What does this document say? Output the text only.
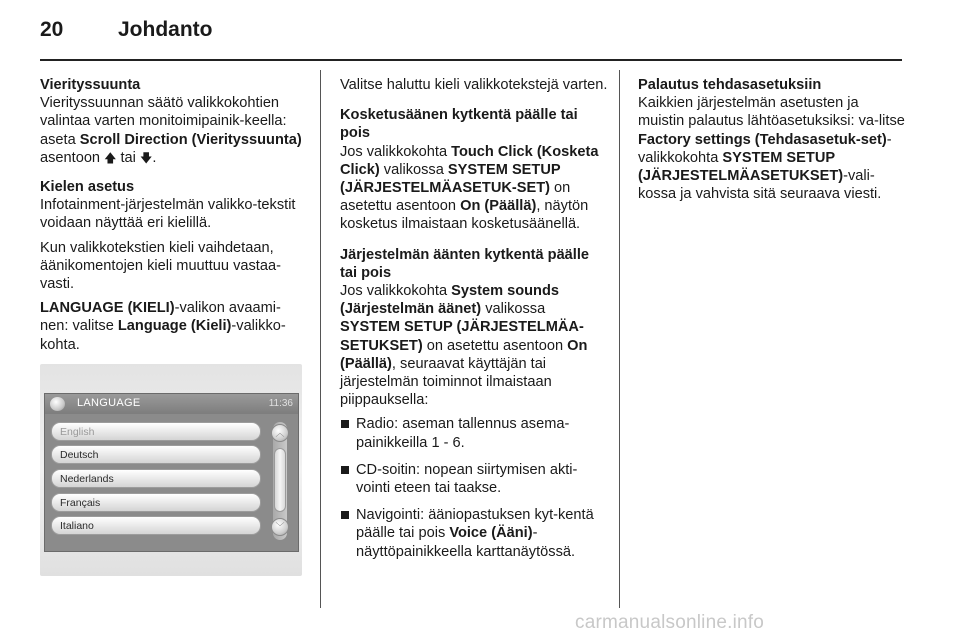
20	Johdanto

Vierityssuunta
Vierityssuunnan säätö valikkokohtien valintaa varten monitoimipainik-keella: aseta Scroll Direction (Vierityssuunta) asentoon 🡅 tai 🡇.

Kielen asetus
Infotainment-järjestelmän valikko-tekstit voidaan näyttää eri kielillä.

Kun valikkotekstien kieli vaihdetaan, äänikomentojen kieli muuttuu vastaa-vasti.

LANGUAGE (KIELI)-valikon avaami-nen: valitse Language (Kieli)-valikko-kohta.

LANGUAGE	11:36
English
Deutsch
Nederlands
Français
Italiano
︿
﹀

Valitse haluttu kieli valikkotekstejä varten.

Kosketusäänen kytkentä päälle tai pois
Jos valikkokohta Touch Click (Kosketa Click) valikossa SYSTEM SETUP (JÄRJESTELMÄASETUK-SET) on asetettu asentoon On (Päällä), näytön kosketus ilmaistaan kosketusäänellä.

Järjestelmän äänten kytkentä päälle tai pois
Jos valikkokohta System sounds (Järjestelmän äänet) valikossa SYSTEM SETUP (JÄRJESTELMÄA-SETUKSET) on asetettu asentoon On (Päällä), seuraavat käyttäjän tai järjestelmän toiminnot ilmaistaan piippauksella:

Radio: aseman tallennus asema-painikkeilla 1 - 6.
CD-soitin: nopean siirtymisen akti-vointi eteen tai taakse.
Navigointi: ääniopastuksen kyt-kentä päälle tai pois Voice (Ääni)-näyttöpainikkeella karttanäytössä.

Palautus tehdasasetuksiin
Kaikkien järjestelmän asetusten ja muistin palautus lähtöasetuksiksi: va-litse Factory settings (Tehdasasetuk-set)-valikkokohta SYSTEM SETUP (JÄRJESTELMÄASETUKSET)-vali-kossa ja vahvista sitä seuraava viesti.

carmanualsonline.info
